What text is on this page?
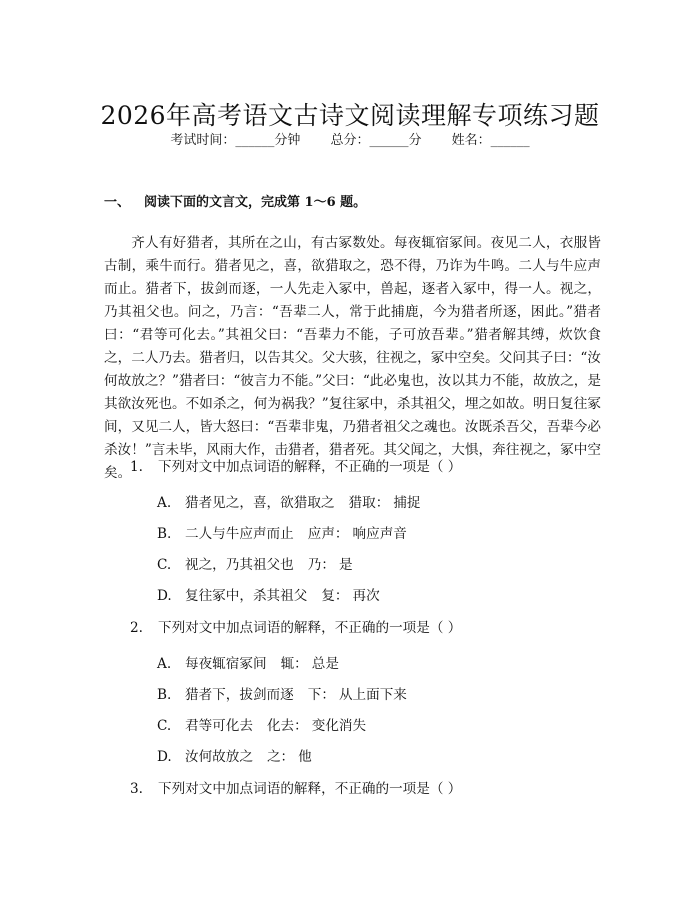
2026年高考语文古诗文阅读理解专项练习题
考试时间：______分钟 总分：______分 姓名：______
一、 阅读下面的文言文，完成第 1～6 题。

齐人有好猎者，其所在之山，有古冢数处。每夜辄宿冢间。夜见二人，衣服皆古制，乘牛而行。猎者见之，喜，欲猎取之，恐不得，乃诈为牛鸣。二人与牛应声而止。猎者下，拔剑而逐，一人先走入冢中，兽起，逐者入冢中，得一人。视之，乃其祖父也。问之，乃言：“吾辈二人，常于此捕鹿，今为猎者所逐，困此。”猎者曰：“君等可化去。”其祖父曰：“吾辈力不能，子可放吾辈。”猎者解其缚，炊饮食之，二人乃去。猎者归，以告其父。父大骇，往视之，冢中空矣。父问其子曰：“汝何故放之？”猎者曰：“彼言力不能。”父曰：“此必鬼也，汝以其力不能，故放之，是其欲汝死也。不如杀之，何为祸我？”复往冢中，杀其祖父，埋之如故。明日复往冢间，又见二人，皆大怒曰：“吾辈非鬼，乃猎者祖父之魂也。汝既杀吾父，吾辈今必杀汝！”言未毕，风雨大作，击猎者，猎者死。其父闻之，大惧，奔往视之，冢中空矣。

1. 下列对文中加点词语的解释，不正确的一项是（ ）
A. 猎者见之，喜，欲猎取之 猎取： 捕捉
B. 二人与牛应声而止 应声： 响应声音
C. 视之，乃其祖父也 乃： 是
D. 复往冢中，杀其祖父 复： 再次
2. 下列对文中加点词语的解释，不正确的一项是（ ）
A. 每夜辄宿冢间 辄： 总是
B. 猎者下，拔剑而逐 下： 从上面下来
C. 君等可化去 化去： 变化消失
D. 汝何故放之 之： 他
3. 下列对文中加点词语的解释，不正确的一项是（ ）
